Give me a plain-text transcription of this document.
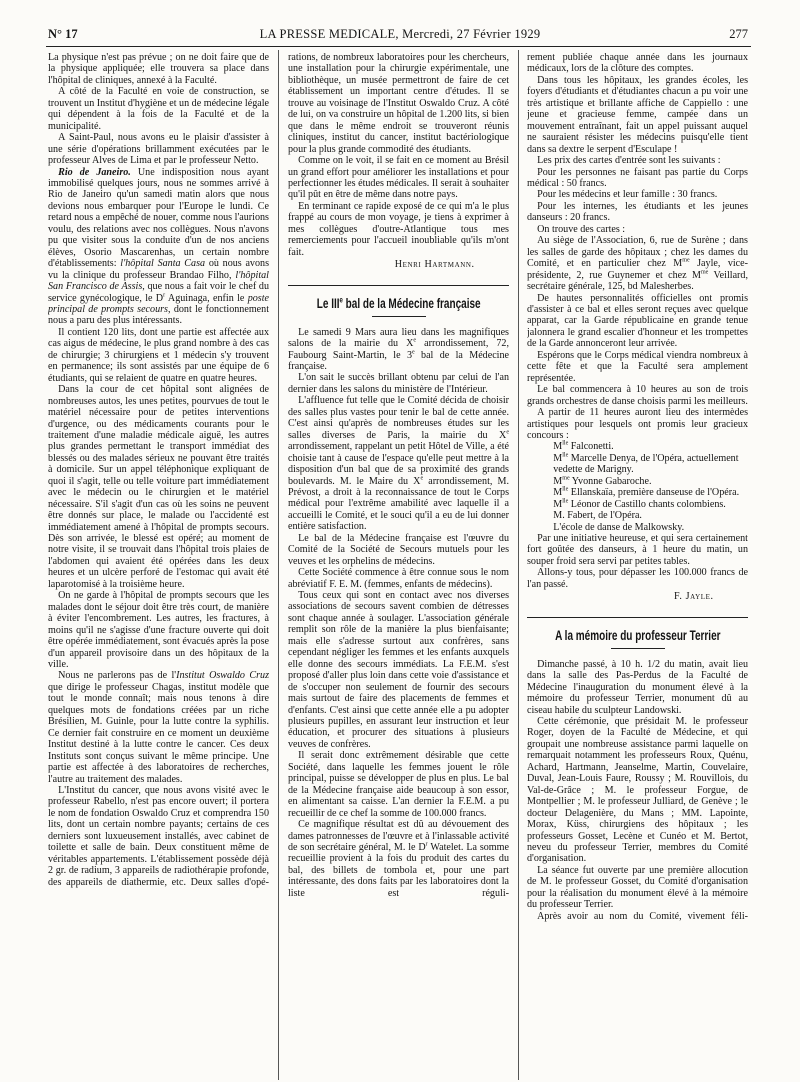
N° 17	LA PRESSE MEDICALE, Mercredi, 27 Février 1929	277

La physique n'est pas prévue ; on ne doit faire que de la physique appliquée; elle trouvera sa place dans l'hôpital de cliniques, annexé à la Faculté.

A côté de la Faculté en voie de construction, se trouvent un Institut d'hygiène et un de médecine légale qui dépendent à la fois de la Faculté et de la municipalité.

A Saint-Paul, nous avons eu le plaisir d'assister à une série d'opérations brillamment exécutées par le professeur Alves de Lima et par le professeur Netto.

Rio de Janeiro. Une indisposition nous ayant immobilisé quelques jours, nous ne sommes arrivé à Rio de Janeiro qu'un samedi matin alors que nous devions nous embarquer pour l'Europe le lundi. Ce retard nous a empêché de nouer, comme nous l'aurions voulu, des relations avec nos collègues. Nous n'avons pu que visiter sous la conduite d'un de nos anciens élèves, Osorio Mascarenhas, un certain nombre d'établissements: l'hôpital Santa Casa où nous avons vu la clinique du professeur Brandao Filho, l'hôpital San Francisco de Assis, que nous a fait voir le chef du service gynécologique, le $D^r$ Aguinaga, enfin le poste principal de prompts secours, dont le fonctionnement nous a paru des plus intéressants.

Il contient 120 lits, dont une partie est affectée aux cas aigus de médecine, le plus grand nombre à des cas de chirurgie; 3 chirurgiens et 1 médecin s'y trouvent en permanence; ils sont assistés par une équipe de 6 étudiants, qui se relaient de quatre en quatre heures.

Dans la cour de cet hôpital sont alignées de nombreuses autos, les unes petites, pourvues de tout le matériel nécessaire pour de petites interventions d'urgence, ou des médicaments courants pour le traitement d'une maladie médicale aiguë, les autres plus grandes permettant le transport immédiat des blessés ou des malades sérieux ne pouvant être traités à domicile. Sur un appel téléphonique expliquant de quoi il s'agit, telle ou telle voiture part immédiatement avec le médecin ou le chirurgien et le matériel nécessaire. S'il s'agit d'un cas où les soins ne peuvent être donnés sur place, le malade ou l'accidenté est immédiatement amené à l'hôpital de prompts secours. Dès son arrivée, le blessé est opéré; au moment de notre visite, il se trouvait dans l'hôpital trois plaies de l'abdomen qui avaient été opérées dans les deux heures et un ulcère perforé de l'estomac qui avait été laparotomisé à la troisième heure.

On ne garde à l'hôpital de prompts secours que les malades dont le séjour doit être très court, de manière à éviter l'encombrement. Les autres, les fractures, à moins qu'il ne s'agisse d'une fracture ouverte qui doit être opérée immédiatement, sont évacués après la pose d'un appareil provisoire dans un des hôpitaux de la ville.

Nous ne parlerons pas de l'Institut Oswaldo Cruz que dirige le professeur Chagas, institut modèle que tout le monde connaît; mais nous tenons à dire quelques mots de fondations créées par un riche Brésilien, M. Guinle, pour la lutte contre la syphilis. Ce dernier fait construire en ce moment un deuxième Institut destiné à la lutte contre le cancer. Ces deux Instituts sont conçus suivant le même principe. Une partie est affectée à des laboratoires de recherches, l'autre au traitement des malades.

L'Institut du cancer, que nous avons visité avec le professeur Rabello, n'est pas encore ouvert; il portera le nom de fondation Oswaldo Cruz et comprendra 150 lits, dont un certain nombre payants; certains de ces derniers sont luxueusement installés, avec cabinet de toilette et salle de bain. Deux constituent même de véritables appartements. L'établissement possède déjà 2 gr. de radium, 3 appareils de radiothérapie profonde, des appareils de diathermie, etc. Deux salles d'opé-

rations, de nombreux laboratoires pour les chercheurs, une installation pour la chirurgie expérimentale, une bibliothèque, un musée permettront de faire de cet établissement un important centre d'études. Il se trouve au voisinage de l'Institut Oswaldo Cruz. A côté de lui, on va construire un hôpital de 1.200 lits, si bien que dans le même endroit se trouveront réunis cliniques, institut du cancer, institut bactériologique pour la plus grande commodité des étudiants.

Comme on le voit, il se fait en ce moment au Brésil un grand effort pour améliorer les installations et pour perfectionner les études médicales. Il serait à souhaiter qu'il pût en être de même dans notre pays.

En terminant ce rapide exposé de ce qui m'a le plus frappé au cours de mon voyage, je tiens à exprimer à mes collègues d'outre-Atlantique tous mes remerciements pour l'accueil inoubliable qu'ils m'ont fait.

Henri Hartmann.

Le IIIe bal de la Médecine française

Le samedi 9 Mars aura lieu dans les magnifiques salons de la mairie du Xe arrondissement, 72, Faubourg Saint-Martin, le 3e bal de la Médecine française.

L'on sait le succès brillant obtenu par celui de l'an dernier dans les salons du ministère de l'Intérieur.

L'affluence fut telle que le Comité décida de choisir des salles plus vastes pour tenir le bal de cette année. C'est ainsi qu'après de nombreuses études sur les salles diverses de Paris, la mairie du Xe arrondissement, rappelant un petit Hôtel de Ville, a été choisie tant à cause de l'espace qu'elle peut mettre à la disposition d'un bal que de sa proximité des grands boulevards. M. le Maire du Xe arrondissement, M. Prévost, a droit à la reconnaissance de tout le Corps médical pour l'extrême amabilité avec laquelle il a accueilli le Comité, et le souci qu'il a eu de lui donner entière satisfaction.

Le bal de la Médecine française est l'œuvre du Comité de la Société de Secours mutuels pour les veuves et les orphelins de médecins.

Cette Société commence à être connue sous le nom abréviatif F. E. M. (femmes, enfants de médecins).

Tous ceux qui sont en contact avec nos diverses associations de secours savent combien de détresses sont chaque année à soulager. L'association générale remplit son rôle de la manière la plus bienfaisante; mais elle s'adresse surtout aux confrères, sans cependant négliger les femmes et les enfants auxquels elle donne des secours immédiats. La F.E.M. s'est proposé d'aller plus loin dans cette voie d'assistance et de s'occuper non seulement de fournir des secours mais surtout de faire des placements de femmes et d'enfants. C'est ainsi que cette année elle a pu adopter plusieurs pupilles, en assurant leur instruction et leur éducation, et procurer des situations à plusieurs veuves de confrères.

Il serait donc extrêmement désirable que cette Société, dans laquelle les femmes jouent le rôle principal, puisse se développer de plus en plus. Le bal de la Médecine française aide beaucoup à son essor, en alimentant sa caisse. L'an dernier la F.E.M. a pu recueillir de ce chef la somme de 100.000 francs.

Ce magnifique résultat est dû au dévouement des dames patronnesses de l'œuvre et à l'inlassable activité de son secrétaire général, M. le $D^r$ Watelet. La somme recueillie provient à la fois du produit des cartes du bal, des billets de tombola et, pour une part intéressante, des dons faits par les laboratoires dont la liste est réguli-

rement publiée chaque année dans les journaux médicaux, lors de la clôture des comptes.

Dans tous les hôpitaux, les grandes écoles, les foyers d'étudiants et d'étudiantes chacun a pu voir une très artistique et brillante affiche de Cappiello : une jeune et gracieuse femme, campée dans un mouvement entraînant, fait un appel puissant auquel ne sauraient résister les médecins puisqu'elle tient dans sa dextre le serpent d'Esculape !

Les prix des cartes d'entrée sont les suivants :

Pour les personnes ne faisant pas partie du Corps médical : 50 francs.

Pour les médecins et leur famille : 30 francs.

Pour les internes, les étudiants et les jeunes danseurs : 20 francs.

On trouve des cartes :

Au siège de l'Association, 6, rue de Surène ; dans les salles de garde des hôpitaux ; chez les dames du Comité, et en particulier chez $M^{me}$ Jayle, vice-présidente, 2, rue Guynemer et chez $M^{me}$ Veillard, secrétaire générale, 125, bd Malesherbes.

De hautes personnalités officielles ont promis d'assister à ce bal et elles seront reçues avec quelque apparat, car la Garde républicaine en grande tenue jalonnera le grand escalier d'honneur et les trompettes de la Garde annonceront leur arrivée.

Espérons que le Corps médical viendra nombreux à cette fête et que la Faculté sera amplement représentée.

Le bal commencera à 10 heures au son de trois grands orchestres de danse choisis parmi les meilleurs.

A partir de 11 heures auront lieu des intermèdes artistiques pour lesquels ont promis leur gracieux concours :

$M^{lle}$ Falconetti.

$M^{lle}$ Marcelle Denya, de l'Opéra, actuellement vedette de Marigny.

$M^{me}$ Yvonne Gabaroche.

$M^{lle}$ Ellanskaïa, première danseuse de l'Opéra.

$M^{lle}$ Léonor de Castillo chants colombiens.

M. Fabert, de l'Opéra.

L'école de danse de Malkowsky.

Par une initiative heureuse, et qui sera certainement fort goûtée des danseurs, à 1 heure du matin, un souper froid sera servi par petites tables.

Allons-y tous, pour dépasser les 100.000 francs de l'an passé.

F. Jayle.

A la mémoire du professeur Terrier

Dimanche passé, à 10 h. 1/2 du matin, avait lieu dans la salle des Pas-Perdus de la Faculté de Médecine l'inauguration du monument élevé à la mémoire du professeur Terrier, monument dû au ciseau habile du sculpteur Landowski.

Cette cérémonie, que présidait M. le professeur Roger, doyen de la Faculté de Médecine, et qui groupait une nombreuse assistance parmi laquelle on remarquait notamment les professeurs Roux, Quénu, Achard, Hartmann, Jeanselme, Martin, Couvelaire, Duval, Jean-Louis Faure, Roussy ; M. Rouvillois, du Val-de-Grâce ; M. le professeur Forgue, de Montpellier ; M. le professeur Julliard, de Genève ; le docteur Delagenière, du Mans ; MM. Lapointe, Morax, Küss, chirurgiens des hôpitaux ; les professeurs Gosset, Lecène et Cunéo et M. Bertot, neveu du professeur Terrier, membres du Comité d'organisation.

La séance fut ouverte par une première allocution de M. le professeur Gosset, du Comité d'organisation pour la réalisation du monument élevé à la mémoire du professeur Terrier.

Après avoir au nom du Comité, vivement féli-
